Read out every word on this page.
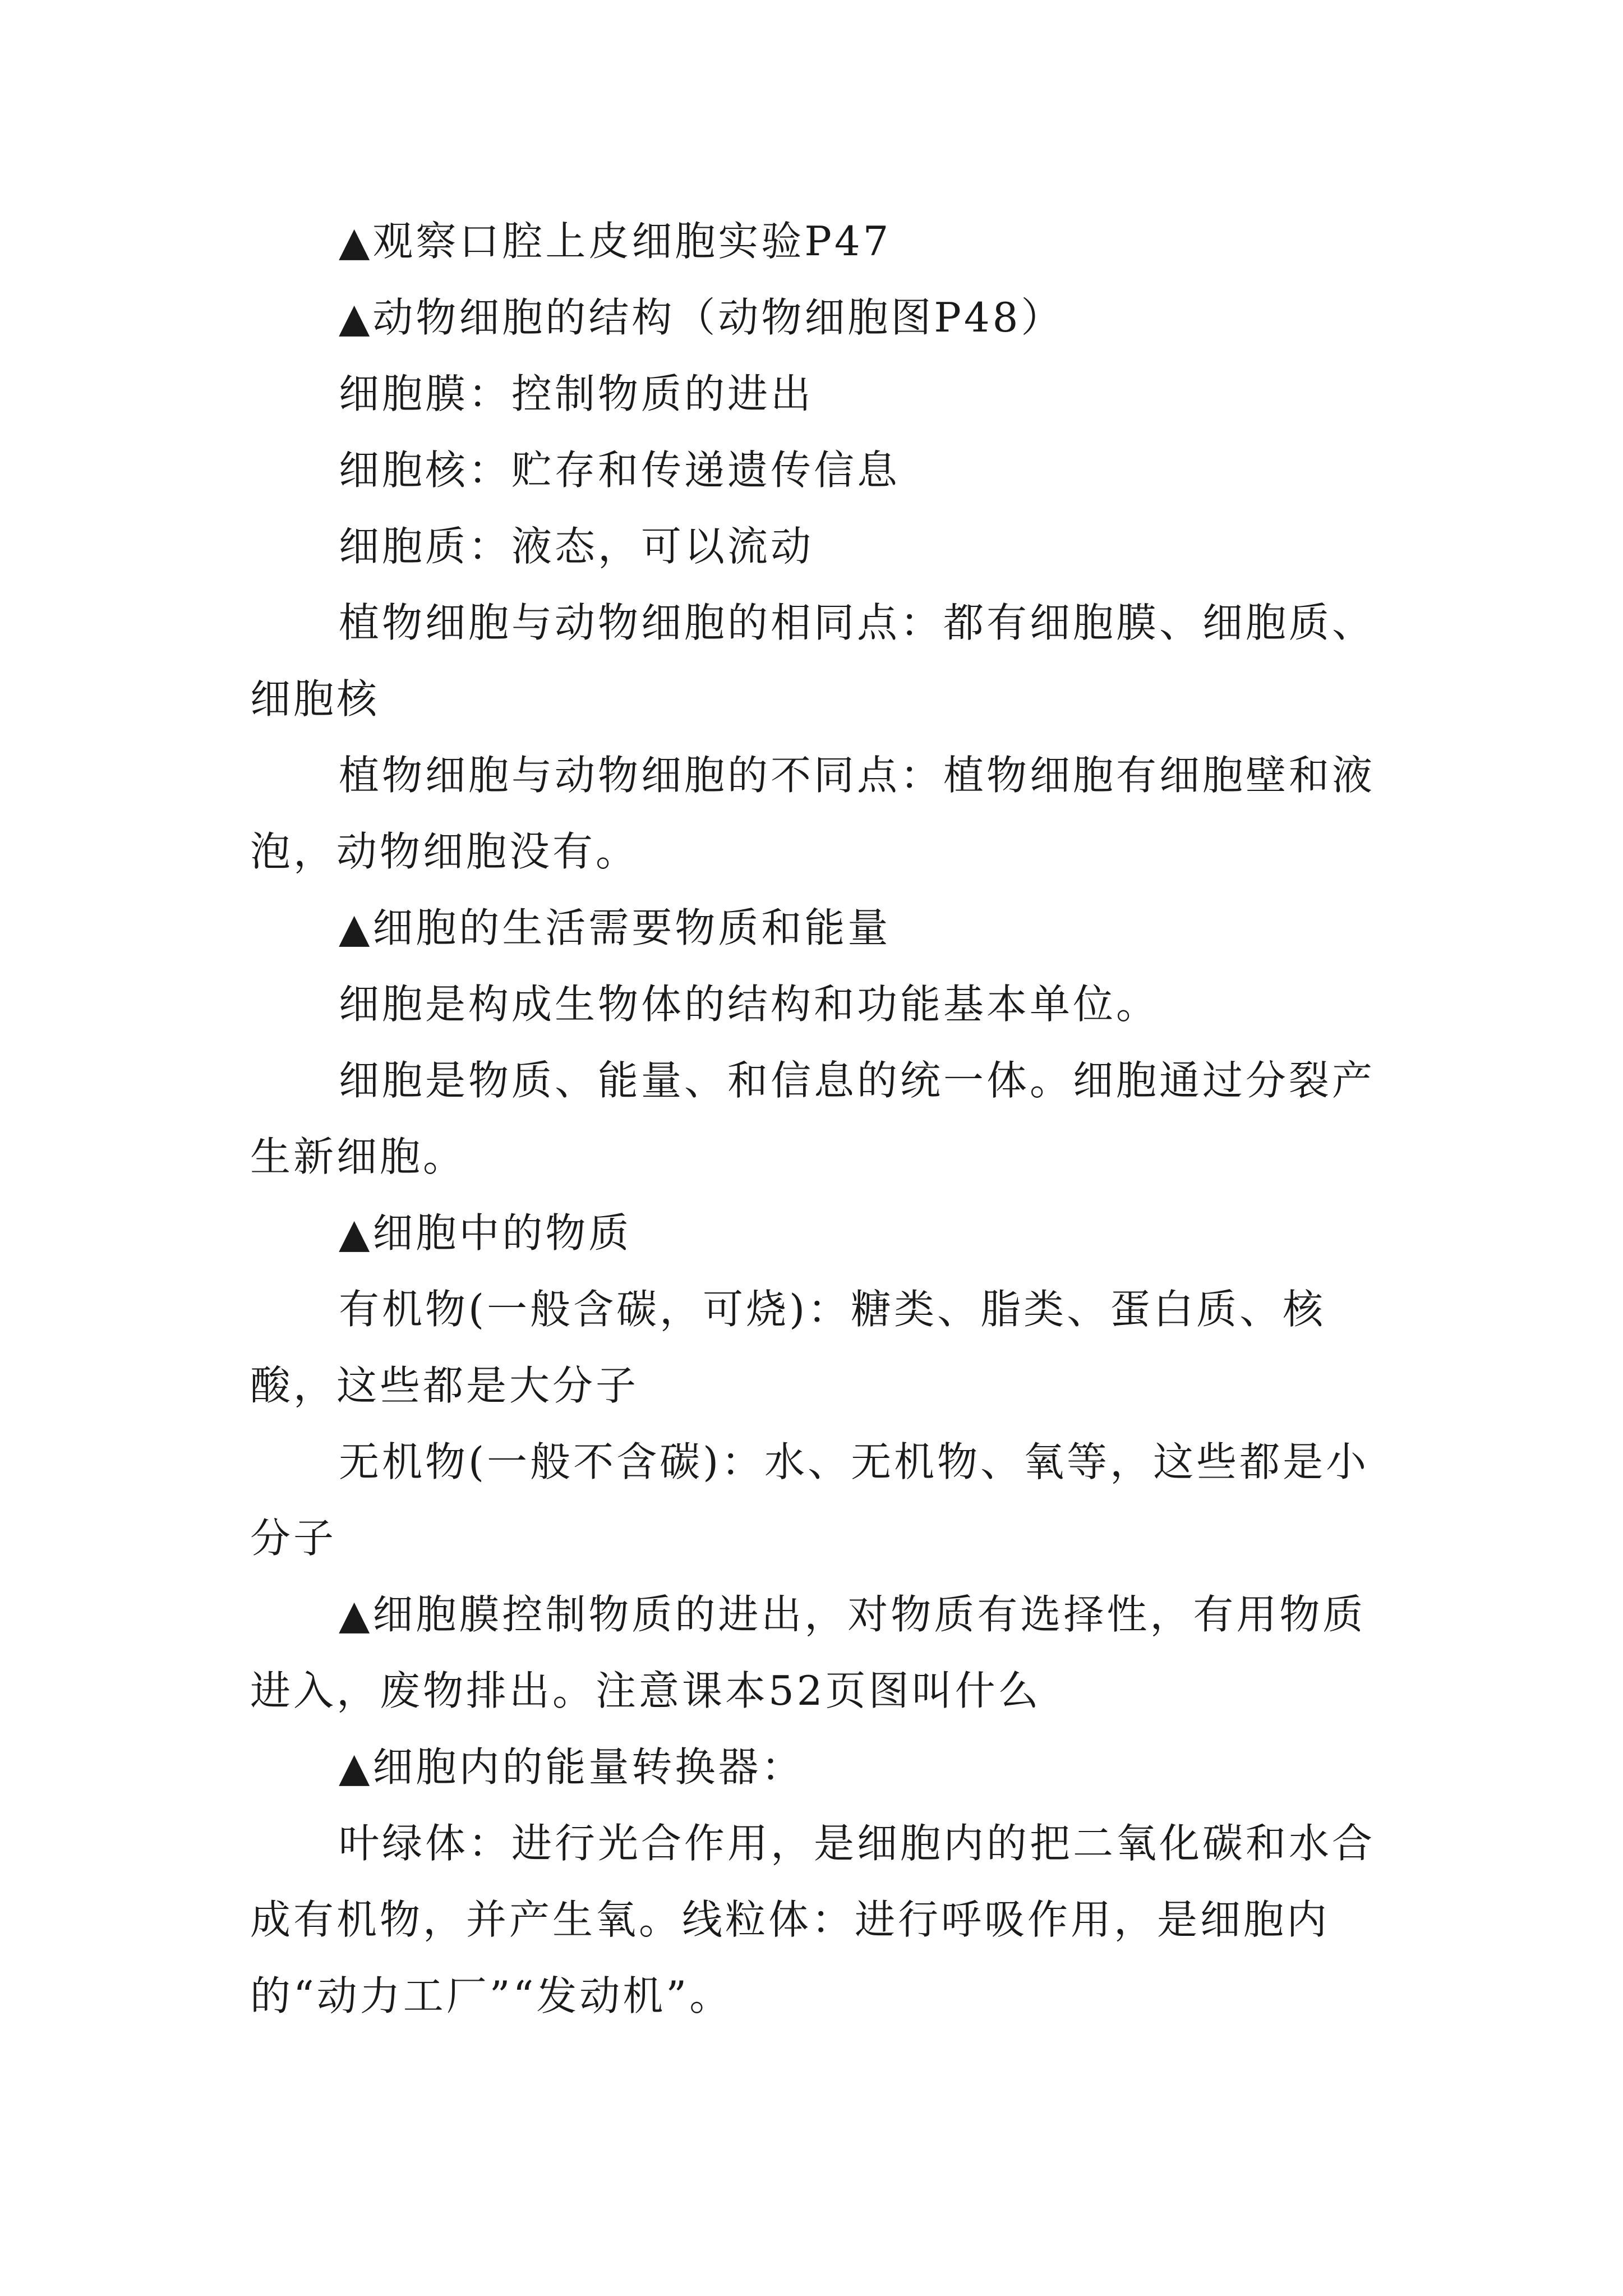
▲观察口腔上皮细胞实验P47

▲动物细胞的结构（动物细胞图P48）

细胞膜：控制物质的进出

细胞核：贮存和传递遗传信息

细胞质：液态，可以流动

植物细胞与动物细胞的相同点：都有细胞膜、细胞质、细胞核

植物细胞与动物细胞的不同点：植物细胞有细胞壁和液泡，动物细胞没有。

▲细胞的生活需要物质和能量

细胞是构成生物体的结构和功能基本单位。

细胞是物质、能量、和信息的统一体。细胞通过分裂产生新细胞。

▲细胞中的物质

有机物(一般含碳，可烧)：糖类、脂类、蛋白质、核酸，这些都是大分子

无机物(一般不含碳)：水、无机物、氧等，这些都是小分子

▲细胞膜控制物质的进出，对物质有选择性，有用物质进入，废物排出。注意课本52页图叫什么

▲细胞内的能量转换器：

叶绿体：进行光合作用，是细胞内的把二氧化碳和水合成有机物，并产生氧。线粒体：进行呼吸作用，是细胞内的“动力工厂”“发动机”。
